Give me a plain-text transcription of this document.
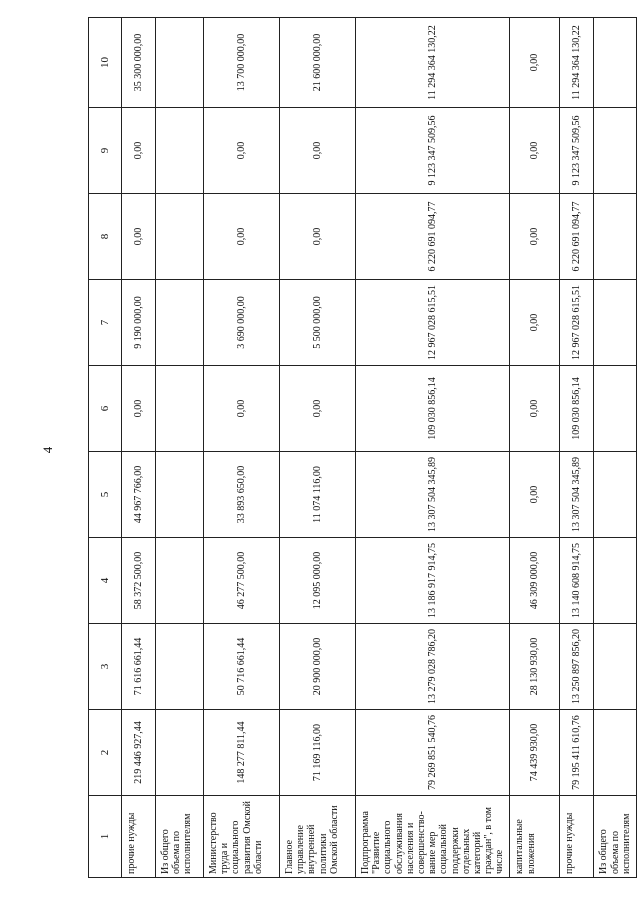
4
1	2	3	4	5	6	7	8	9	10
прочие нужды	219 446 927,44	71 616 661,44	58 372 500,00	44 967 766,00	0,00	9 190 000,00	0,00	0,00	35 300 000,00
Из общего объема по исполнителям									
Министерство труда и социального развития Омской области	148 277 811,44	50 716 661,44	46 277 500,00	33 893 650,00	0,00	3 690 000,00	0,00	0,00	13 700 000,00
Главное управление внутренней политики Омской области	71 169 116,00	20 900 000,00	12 095 000,00	11 074 116,00	0,00	5 500 000,00	0,00	0,00	21 600 000,00
Подпрограмма "Развитие социального обслуживания населения и совершенство-вание мер социальной поддержки отдельных категорий граждан", в том числе	79 269 851 540,76	13 279 028 786,20	13 186 917 914,75	13 307 504 345,89	109 030 856,14	12 967 028 615,51	6 220 691 094,77	9 123 347 509,56	11 294 364 130,22
капитальные вложения	74 439 930,00	28 130 930,00	46 309 000,00	0,00	0,00	0,00	0,00	0,00	0,00
прочие нужды	79 195 411 610,76	13 250 897 856,20	13 140 608 914,75	13 307 504 345,89	109 030 856,14	12 967 028 615,51	6 220 691 094,77	9 123 347 509,56	11 294 364 130,22
Из общего объема по исполнителям									
